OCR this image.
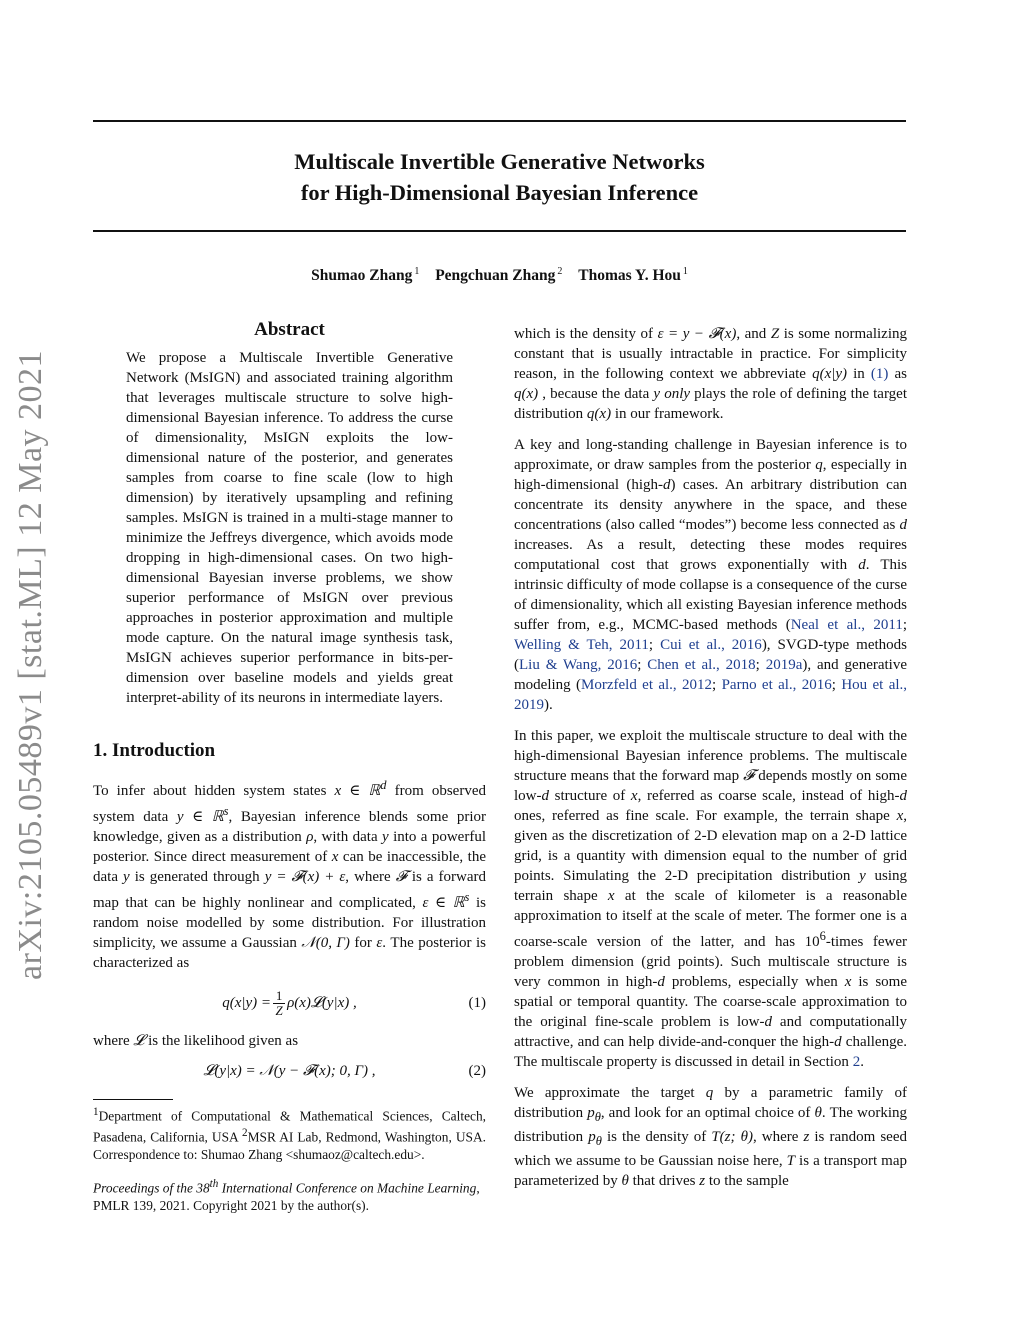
Multiscale Invertible Generative Networks
for High-Dimensional Bayesian Inference
Shumao Zhang $^1$ Pengchuan Zhang $^2$ Thomas Y. Hou $^1$
arXiv:2105.05489v1 [stat.ML] 12 May 2021
Abstract

We propose a Multiscale Invertible Generative Network (MsIGN) and associated training algorithm that leverages multiscale structure to solve high-dimensional Bayesian inference. To address the curse of dimensionality, MsIGN exploits the low-dimensional nature of the posterior, and generates samples from coarse to fine scale (low to high dimension) by iteratively upsampling and refining samples. MsIGN is trained in a multi-stage manner to minimize the Jeffreys divergence, which avoids mode dropping in high-dimensional cases. On two high-dimensional Bayesian inverse problems, we show superior performance of MsIGN over previous approaches in posterior approximation and multiple mode capture. On the natural image synthesis task, MsIGN achieves superior performance in bits-per-dimension over baseline models and yields great interpret-ability of its neurons in intermediate layers.

1. Introduction

To infer about hidden system states x ∈ ℝ$^d$ from observed system data y ∈ ℝ$^s$, Bayesian inference blends some prior knowledge, given as a distribution ρ, with data y into a powerful posterior. Since direct measurement of x can be inaccessible, the data y is generated through y = 𝓕(x) + ε, where 𝓕 is a forward map that can be highly nonlinear and complicated, ε ∈ ℝ$^s$ is random noise modelled by some distribution. For illustration simplicity, we assume a Gaussian 𝒩(0, Γ) for ε. The posterior is characterized as

$q(x|y) = \frac{1}{Z}$ ρ(x)𝓛(y|x) ,	(1)

where 𝓛 is the likelihood given as

𝓛(y|x) = 𝒩(y − 𝓕(x); 0, Γ) ,	(2)

$^1$Department of Computational & Mathematical Sciences, Caltech, Pasadena, California, USA $^2$MSR AI Lab, Redmond, Washington, USA. Correspondence to: Shumao Zhang <shumaoz@caltech.edu>.

Proceedings of the 38th International Conference on Machine Learning, PMLR 139, 2021. Copyright 2021 by the author(s).

which is the density of ε = y − 𝓕(x), and Z is some normalizing constant that is usually intractable in practice. For simplicity reason, in the following context we abbreviate q(x|y) in (1) as q(x) , because the data y only plays the role of defining the target distribution q(x) in our framework.

A key and long-standing challenge in Bayesian inference is to approximate, or draw samples from the posterior q, especially in high-dimensional (high-d) cases. An arbitrary distribution can concentrate its density anywhere in the space, and these concentrations (also called “modes”) become less connected as d increases. As a result, detecting these modes requires computational cost that grows exponentially with d. This intrinsic difficulty of mode collapse is a consequence of the curse of dimensionality, which all existing Bayesian inference methods suffer from, e.g., MCMC-based methods (Neal et al., 2011; Welling & Teh, 2011; Cui et al., 2016), SVGD-type methods (Liu & Wang, 2016; Chen et al., 2018; 2019a), and generative modeling (Morzfeld et al., 2012; Parno et al., 2016; Hou et al., 2019).

In this paper, we exploit the multiscale structure to deal with the high-dimensional Bayesian inference problems. The multiscale structure means that the forward map 𝓕 depends mostly on some low-d structure of x, referred as coarse scale, instead of high-d ones, referred as fine scale. For example, the terrain shape x, given as the discretization of 2-D elevation map on a 2-D lattice grid, is a quantity with dimension equal to the number of grid points. Simulating the 2-D precipitation distribution y using terrain shape x at the scale of kilometer is a reasonable approximation to itself at the scale of meter. The former one is a coarse-scale version of the latter, and has $10^6$-times fewer problem dimension (grid points). Such multiscale structure is very common in high-d problems, especially when x is some spatial or temporal quantity. The coarse-scale approximation to the original fine-scale problem is low-d and computationally attractive, and can help divide-and-conquer the high-d challenge. The multiscale property is discussed in detail in Section 2.

We approximate the target q by a parametric family of distribution $p_\theta$, and look for an optimal choice of θ. The working distribution $p_\theta$ is the density of T(z; θ), where z is random seed which we assume to be Gaussian noise here, T is a transport map parameterized by θ that drives z to the sample
